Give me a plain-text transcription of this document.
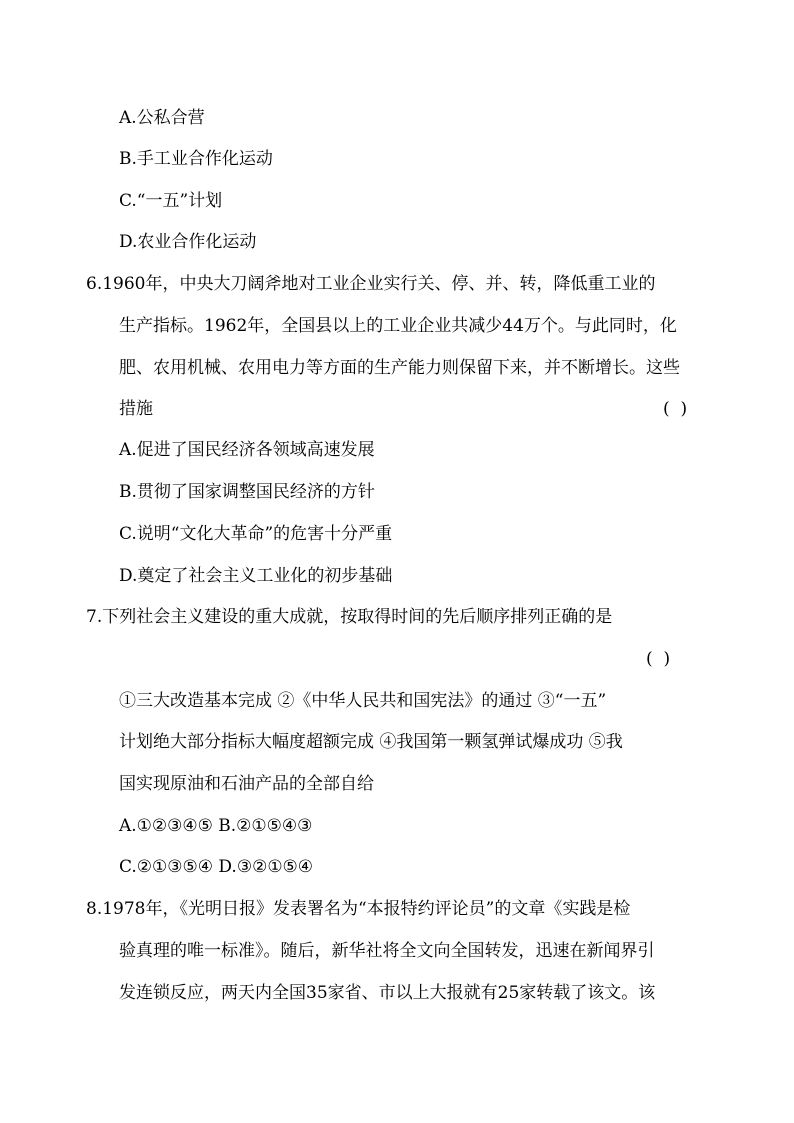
A.公私合营

B.手工业合作化运动

C.“一五”计划

D.农业合作化运动

6.1960年，中央大刀阔斧地对工业企业实行关、停、并、转，降低重工业的

生产指标。1962年，全国县以上的工业企业共减少44万个。与此同时，化

肥、农用机械、农用电力等方面的生产能力则保留下来，并不断增长。这些

措施	(  )

A.促进了国民经济各领域高速发展

B.贯彻了国家调整国民经济的方针

C.说明“文化大革命”的危害十分严重

D.奠定了社会主义工业化的初步基础

7.下列社会主义建设的重大成就，按取得时间的先后顺序排列正确的是

(  )

①三大改造基本完成 ②《中华人民共和国宪法》的通过 ③“一五”

计划绝大部分指标大幅度超额完成 ④我国第一颗氢弹试爆成功 ⑤我

国实现原油和石油产品的全部自给

A.①②③④⑤ B.②①⑤④③

C.②①③⑤④ D.③②①⑤④

8.1978年，《光明日报》发表署名为“本报特约评论员”的文章《实践是检

验真理的唯一标准》。随后，新华社将全文向全国转发，迅速在新闻界引

发连锁反应，两天内全国35家省、市以上大报就有25家转载了该文。该
